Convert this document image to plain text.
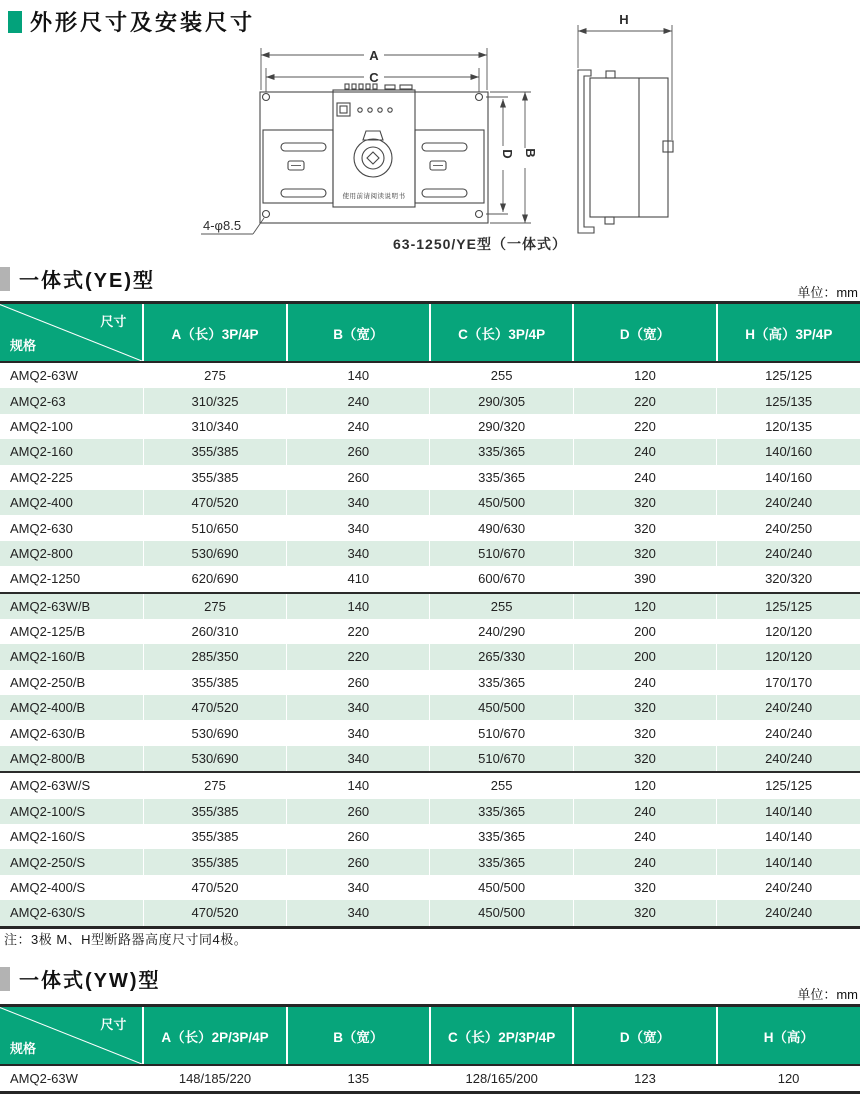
A
C
B
D
使用前请阅读说明书
4-φ8.5
63-1250/YE型（一体式）
H
外形尺寸及安装尺寸
一体式(YE)型
单位：mm
尺寸
规格	A（长）3P/4P	B（宽）	C（长）3P/4P	D（宽）	H（高）3P/4P
AMQ2-63W	275	140	255	120	125/125
AMQ2-63	310/325	240	290/305	220	125/135
AMQ2-100	310/340	240	290/320	220	120/135
AMQ2-160	355/385	260	335/365	240	140/160
AMQ2-225	355/385	260	335/365	240	140/160
AMQ2-400	470/520	340	450/500	320	240/240
AMQ2-630	510/650	340	490/630	320	240/250
AMQ2-800	530/690	340	510/670	320	240/240
AMQ2-1250	620/690	410	600/670	390	320/320
AMQ2-63W/B	275	140	255	120	125/125
AMQ2-125/B	260/310	220	240/290	200	120/120
AMQ2-160/B	285/350	220	265/330	200	120/120
AMQ2-250/B	355/385	260	335/365	240	170/170
AMQ2-400/B	470/520	340	450/500	320	240/240
AMQ2-630/B	530/690	340	510/670	320	240/240
AMQ2-800/B	530/690	340	510/670	320	240/240
AMQ2-63W/S	275	140	255	120	125/125
AMQ2-100/S	355/385	260	335/365	240	140/140
AMQ2-160/S	355/385	260	335/365	240	140/140
AMQ2-250/S	355/385	260	335/365	240	140/140
AMQ2-400/S	470/520	340	450/500	320	240/240
AMQ2-630/S	470/520	340	450/500	320	240/240
注：3极 M、H型断路器高度尺寸同4极。
一体式(YW)型
单位：mm
尺寸
规格	A（长）2P/3P/4P	B（宽）	C（长）2P/3P/4P	D（宽）	H（高）
AMQ2-63W	148/185/220	135	128/165/200	123	120
